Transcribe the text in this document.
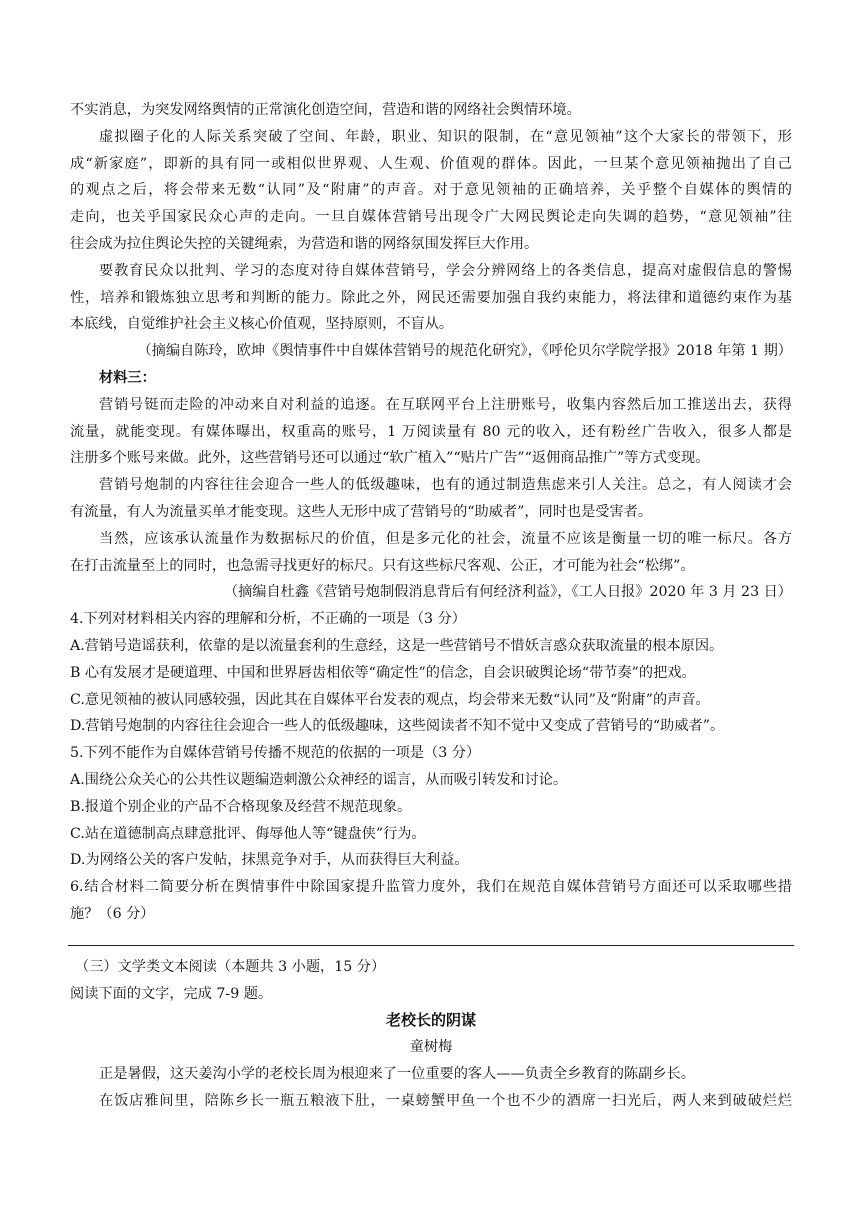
不实消息，为突发网络舆情的正常演化创造空间，营造和谐的网络社会舆情环境。
虚拟圈子化的人际关系突破了空间、年龄，职业、知识的限制，在“意见领袖”这个大家长的带领下，形
成“新家庭”，即新的具有同一或相似世界观、人生观、价值观的群体。因此，一旦某个意见领袖抛出了自己
的观点之后，将会带来无数“认同”及“附庸”的声音。对于意见领袖的正确培养，关乎整个自媒体的舆情的
走向，也关乎国家民众心声的走向。一旦自媒体营销号出现令广大网民舆论走向失调的趋势，“意见领袖”往
往会成为拉住舆论失控的关键绳索，为营造和谐的网络氛围发挥巨大作用。
要教育民众以批判、学习的态度对待自媒体营销号，学会分辨网络上的各类信息，提高对虚假信息的警惕
性，培养和锻炼独立思考和判断的能力。除此之外，网民还需要加强自我约束能力，将法律和道德约束作为基
本底线，自觉维护社会主义核心价值观，坚持原则，不盲从。
（摘编自陈玲，欧坤《舆情事件中自媒体营销号的规范化研究》，《呼伦贝尔学院学报》2018 年第 1 期）
材料三：
营销号铤而走险的冲动来自对利益的追逐。在互联网平台上注册账号，收集内容然后加工推送出去，获得
流量，就能变现。有媒体曝出，权重高的账号，1 万阅读量有 80 元的收入，还有粉丝广告收入，很多人都是
注册多个账号来做。此外，这些营销号还可以通过“软广植入”“贴片广告”“返佣商品推广”等方式变现。
营销号炮制的内容往往会迎合一些人的低级趣味，也有的通过制造焦虑来引人关注。总之，有人阅读才会
有流量，有人为流量买单才能变现。这些人无形中成了营销号的“助威者”，同时也是受害者。
当然，应该承认流量作为数据标尺的价值，但是多元化的社会，流量不应该是衡量一切的唯一标尺。各方
在打击流量至上的同时，也急需寻找更好的标尺。只有这些标尺客观、公正，才可能为社会“松绑”。
（摘编自杜鑫《营销号炮制假消息背后有何经济利益》，《工人日报》2020 年 3 月 23 日）
4.下列对材料相关内容的理解和分析，不正确的一项是（3 分）
A.营销号造谣获利，依靠的是以流量套利的生意经，这是一些营销号不惜妖言惑众获取流量的根本原因。
B 心有发展才是硬道理、中国和世界唇齿相依等“确定性”的信念，自会识破舆论场“带节奏”的把戏。
C.意见领袖的被认同感较强，因此其在自媒体平台发表的观点，均会带来无数“认同”及“附庸”的声音。
D.营销号炮制的内容往往会迎合一些人的低级趣味，这些阅读者不知不觉中又变成了营销号的“助威者”。
5.下列不能作为自媒体营销号传播不规范的依据的一项是（3 分）
A.围绕公众关心的公共性议题编造刺激公众神经的谣言，从而吸引转发和讨论。
B.报道个别企业的产品不合格现象及经营不规范现象。
C.站在道德制高点肆意批评、侮辱他人等“键盘侠”行为。
D.为网络公关的客户发帖，抹黑竞争对手，从而获得巨大利益。
6.结合材料二简要分析在舆情事件中除国家提升监管力度外，我们在规范自媒体营销号方面还可以采取哪些措
施？（6 分）
（三）文学类文本阅读（本题共 3 小题，15 分）
阅读下面的文字，完成 7-9 题。
老校长的阴谋
童树梅
正是暑假，这天姜沟小学的老校长周为根迎来了一位重要的客人——负责全乡教育的陈副乡长。
在饭店雅间里，陪陈乡长一瓶五粮液下肚，一桌螃蟹甲鱼一个也不少的酒席一扫光后，两人来到破破烂烂
